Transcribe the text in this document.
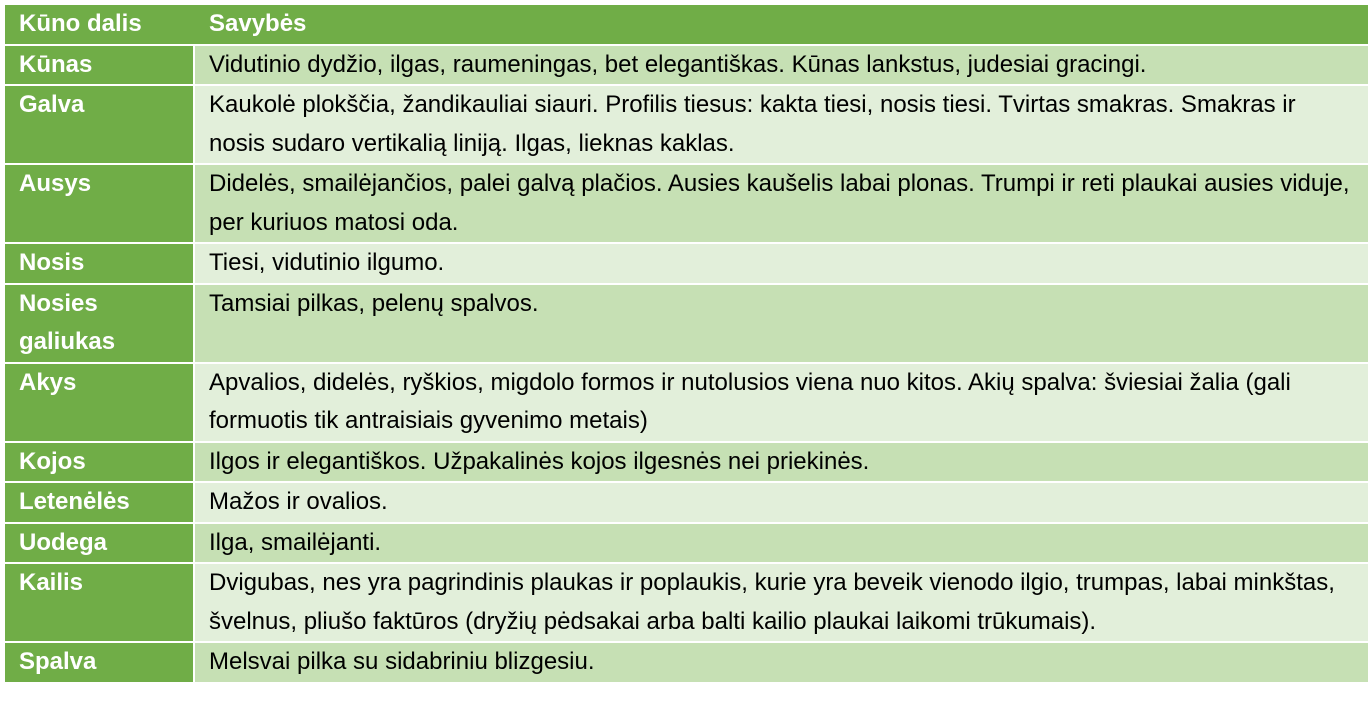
Kūno dalis	Savybės
Kūnas	Vidutinio dydžio, ilgas, raumeningas, bet elegantiškas. Kūnas lankstus, judesiai gracingi.
Galva	Kaukolė plokščia, žandikauliai siauri. Profilis tiesus: kakta tiesi, nosis tiesi. Tvirtas smakras. Smakras ir nosis sudaro vertikalią liniją. Ilgas, lieknas kaklas.
Ausys	Didelės, smailėjančios, palei galvą plačios. Ausies kaušelis labai plonas. Trumpi ir reti plaukai ausies viduje, per kuriuos matosi oda.
Nosis	Tiesi, vidutinio ilgumo.
Nosies galiukas	Tamsiai pilkas, pelenų spalvos.
Akys	Apvalios, didelės, ryškios, migdolo formos ir nutolusios viena nuo kitos. Akių spalva: šviesiai žalia (gali formuotis tik antraisiais gyvenimo metais)
Kojos	Ilgos ir elegantiškos. Užpakalinės kojos ilgesnės nei priekinės.
Letenėlės	Mažos ir ovalios.
Uodega	Ilga, smailėjanti.
Kailis	Dvigubas, nes yra pagrindinis plaukas ir poplaukis, kurie yra beveik vienodo ilgio, trumpas, labai minkštas, švelnus, pliušo faktūros (dryžių pėdsakai arba balti kailio plaukai laikomi trūkumais).
Spalva	Melsvai pilka su sidabriniu blizgesiu.
